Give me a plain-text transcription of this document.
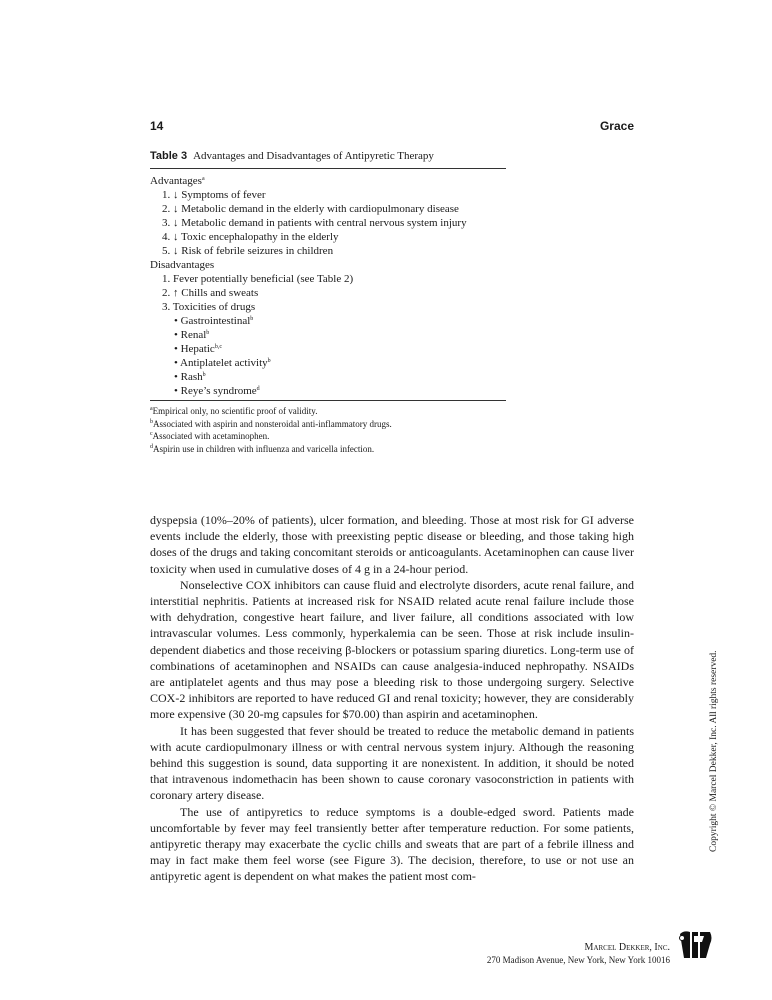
14	Grace
Table 3 Advantages and Disadvantages of Antipyretic Therapy
Advantages$^a$
1. ↓ Symptoms of fever
2. ↓ Metabolic demand in the elderly with cardiopulmonary disease
3. ↓ Metabolic demand in patients with central nervous system injury
4. ↓ Toxic encephalopathy in the elderly
5. ↓ Risk of febrile seizures in children
Disadvantages
1. Fever potentially beneficial (see Table 2)
2. ↑ Chills and sweats
3. Toxicities of drugs
• Gastrointestinal$^b$
• Renal$^b$
• Hepatic$^{b,c}$
• Antiplatelet activity$^b$
• Rash$^b$
• Reye’s syndrome$^d$
$^a$Empirical only, no scientific proof of validity.
$^b$Associated with aspirin and nonsteroidal anti-inflammatory drugs.
$^c$Associated with acetaminophen.
$^d$Aspirin use in children with influenza and varicella infection.

dyspepsia (10%–20% of patients), ulcer formation, and bleeding. Those at most risk for GI adverse events include the elderly, those with preexisting peptic disease or bleeding, and those taking high doses of the drugs and taking concomitant steroids or anticoagulants. Acetaminophen can cause liver toxicity when used in cumulative doses of 4 g in a 24-hour period.

Nonselective COX inhibitors can cause fluid and electrolyte disorders, acute renal failure, and interstitial nephritis. Patients at increased risk for NSAID related acute renal failure include those with dehydration, congestive heart failure, and liver failure, all conditions associated with low intravascular volumes. Less commonly, hyperkalemia can be seen. Those at risk include insulin-dependent diabetics and those receiving β-blockers or potassium sparing diuretics. Long-term use of combinations of acetaminophen and NSAIDs can cause analgesia-induced nephropathy. NSAIDs are antiplatelet agents and thus may pose a bleeding risk to those undergoing surgery. Selective COX-2 inhibitors are reported to have reduced GI and renal toxicity; however, they are considerably more expensive (30 20-mg capsules for $70.00) than aspirin and acetaminophen.

It has been suggested that fever should be treated to reduce the metabolic demand in patients with acute cardiopulmonary illness or with central nervous system injury. Although the reasoning behind this suggestion is sound, data supporting it are nonexistent. In addition, it should be noted that intravenous indomethacin has been shown to cause coronary vasoconstriction in patients with coronary artery disease.

The use of antipyretics to reduce symptoms is a double-edged sword. Patients made uncomfortable by fever may feel transiently better after temperature reduction. For some patients, antipyretic therapy may exacerbate the cyclic chills and sweats that are part of a febrile illness and may in fact make them feel worse (see Figure 3). The decision, therefore, to use or not use an antipyretic agent is dependent on what makes the patient most com-

Copyright © Marcel Dekker, Inc. All rights reserved.
Marcel Dekker, Inc.
270 Madison Avenue, New York, New York 10016
